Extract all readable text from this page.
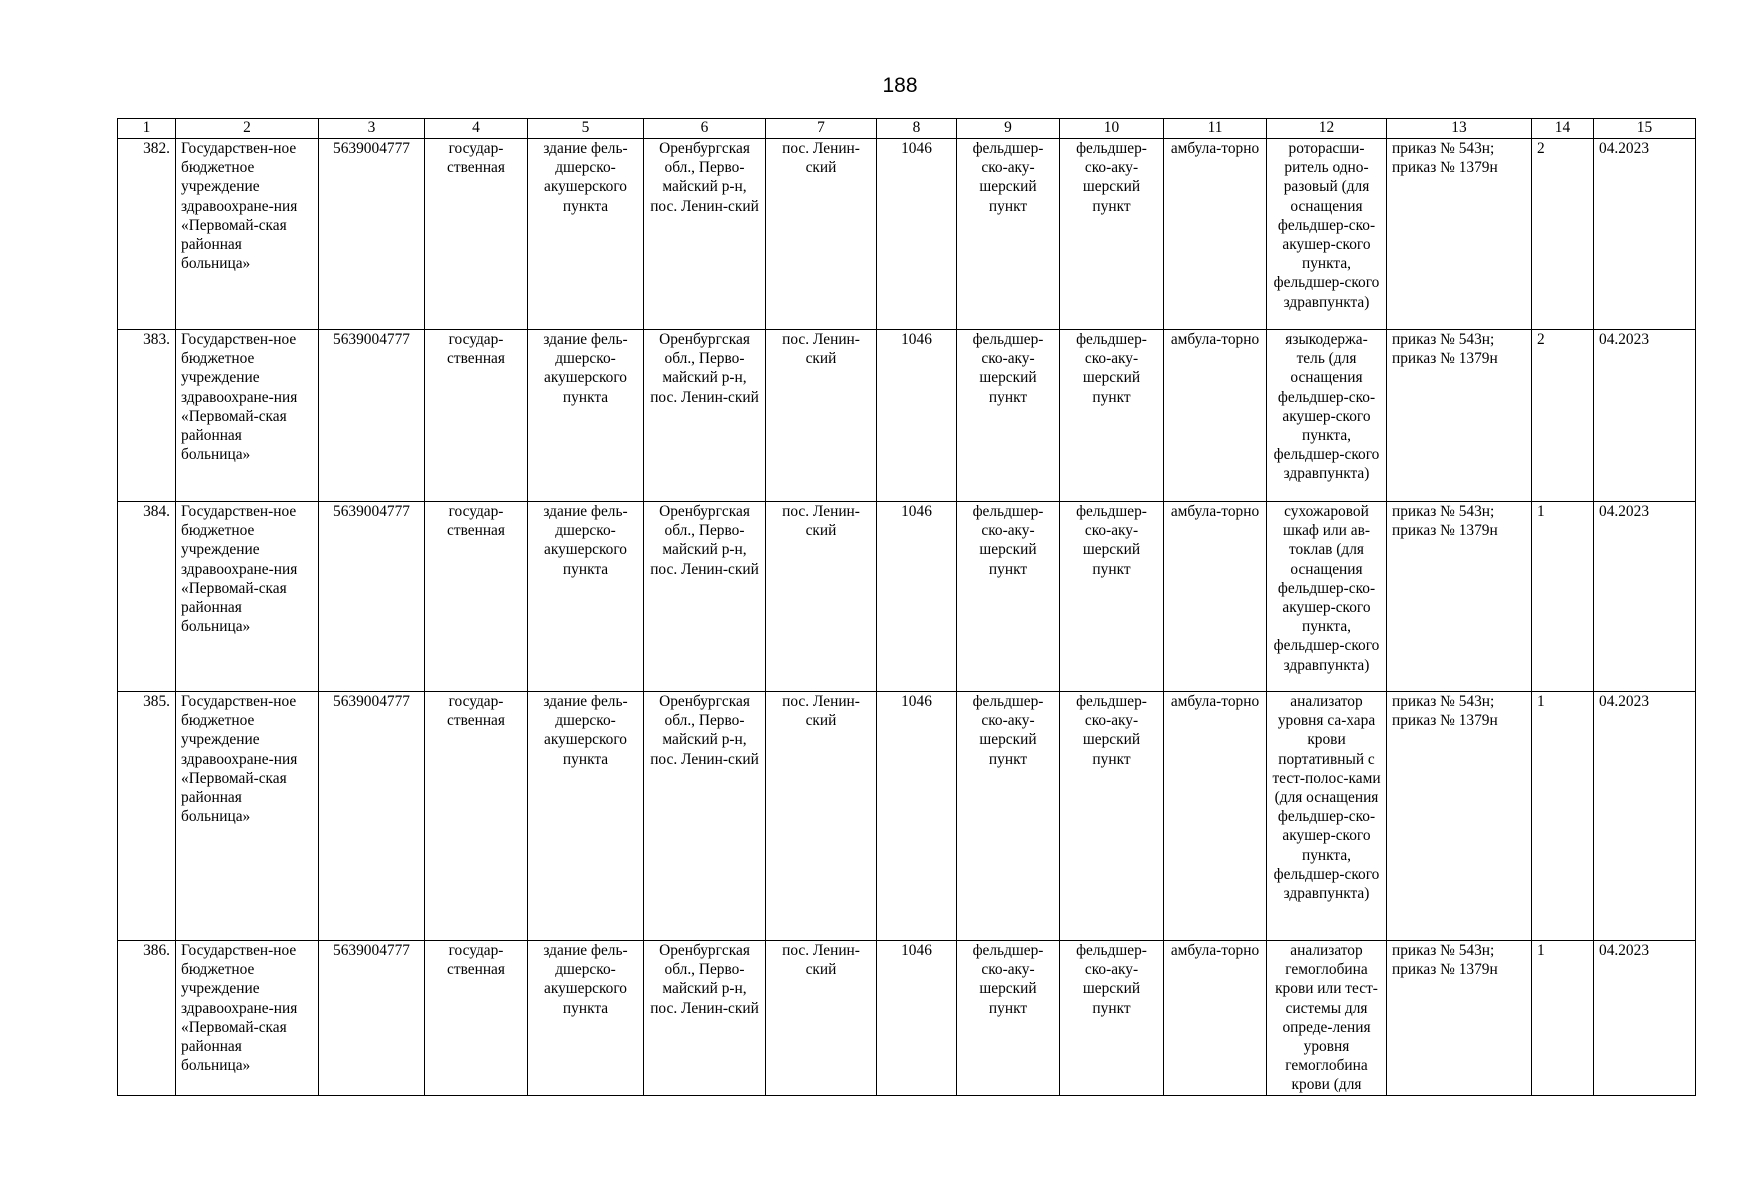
188
1	2	3	4	5	6	7	8	9	10	11	12	13	14	15
382.	Государствен-ное бюджетное учреждение здравоохране-ния «Первомай-ская районная больница»	5639004777	государ-ственная	здание фель-дшерско-акушерского пункта	Оренбургская обл., Перво-майский р-н, пос. Ленин-ский	пос. Ленин-ский	1046	фельдшер-ско-аку-шерский пункт	фельдшер-ско-аку-шерский пункт	амбула-торно	роторасши-ритель одно-разовый (для оснащения фельдшер-ско-акушер-ского пункта, фельдшер-ского здравпункта)	приказ № 543н; приказ № 1379н	2	04.2023
383.	Государствен-ное бюджетное учреждение здравоохране-ния «Первомай-ская районная больница»	5639004777	государ-ственная	здание фель-дшерско-акушерского пункта	Оренбургская обл., Перво-майский р-н, пос. Ленин-ский	пос. Ленин-ский	1046	фельдшер-ско-аку-шерский пункт	фельдшер-ско-аку-шерский пункт	амбула-торно	языкодержа-тель (для оснащения фельдшер-ско-акушер-ского пункта, фельдшер-ского здравпункта)	приказ № 543н; приказ № 1379н	2	04.2023
384.	Государствен-ное бюджетное учреждение здравоохране-ния «Первомай-ская районная больница»	5639004777	государ-ственная	здание фель-дшерско-акушерского пункта	Оренбургская обл., Перво-майский р-н, пос. Ленин-ский	пос. Ленин-ский	1046	фельдшер-ско-аку-шерский пункт	фельдшер-ско-аку-шерский пункт	амбула-торно	сухожаровой шкаф или ав-токлав (для оснащения фельдшер-ско-акушер-ского пункта, фельдшер-ского здравпункта)	приказ № 543н; приказ № 1379н	1	04.2023
385.	Государствен-ное бюджетное учреждение здравоохране-ния «Первомай-ская районная больница»	5639004777	государ-ственная	здание фель-дшерско-акушерского пункта	Оренбургская обл., Перво-майский р-н, пос. Ленин-ский	пос. Ленин-ский	1046	фельдшер-ско-аку-шерский пункт	фельдшер-ско-аку-шерский пункт	амбула-торно	анализатор уровня са-хара крови портативный с тест-полос-ками (для оснащения фельдшер-ско-акушер-ского пункта, фельдшер-ского здравпункта)	приказ № 543н; приказ № 1379н	1	04.2023
386.	Государствен-ное бюджетное учреждение здравоохране-ния «Первомай-ская районная больница»	5639004777	государ-ственная	здание фель-дшерско-акушерского пункта	Оренбургская обл., Перво-майский р-н, пос. Ленин-ский	пос. Ленин-ский	1046	фельдшер-ско-аку-шерский пункт	фельдшер-ско-аку-шерский пункт	амбула-торно	анализатор гемоглобина крови или тест-системы для опреде-ления уровня гемоглобина крови (для	приказ № 543н; приказ № 1379н	1	04.2023
